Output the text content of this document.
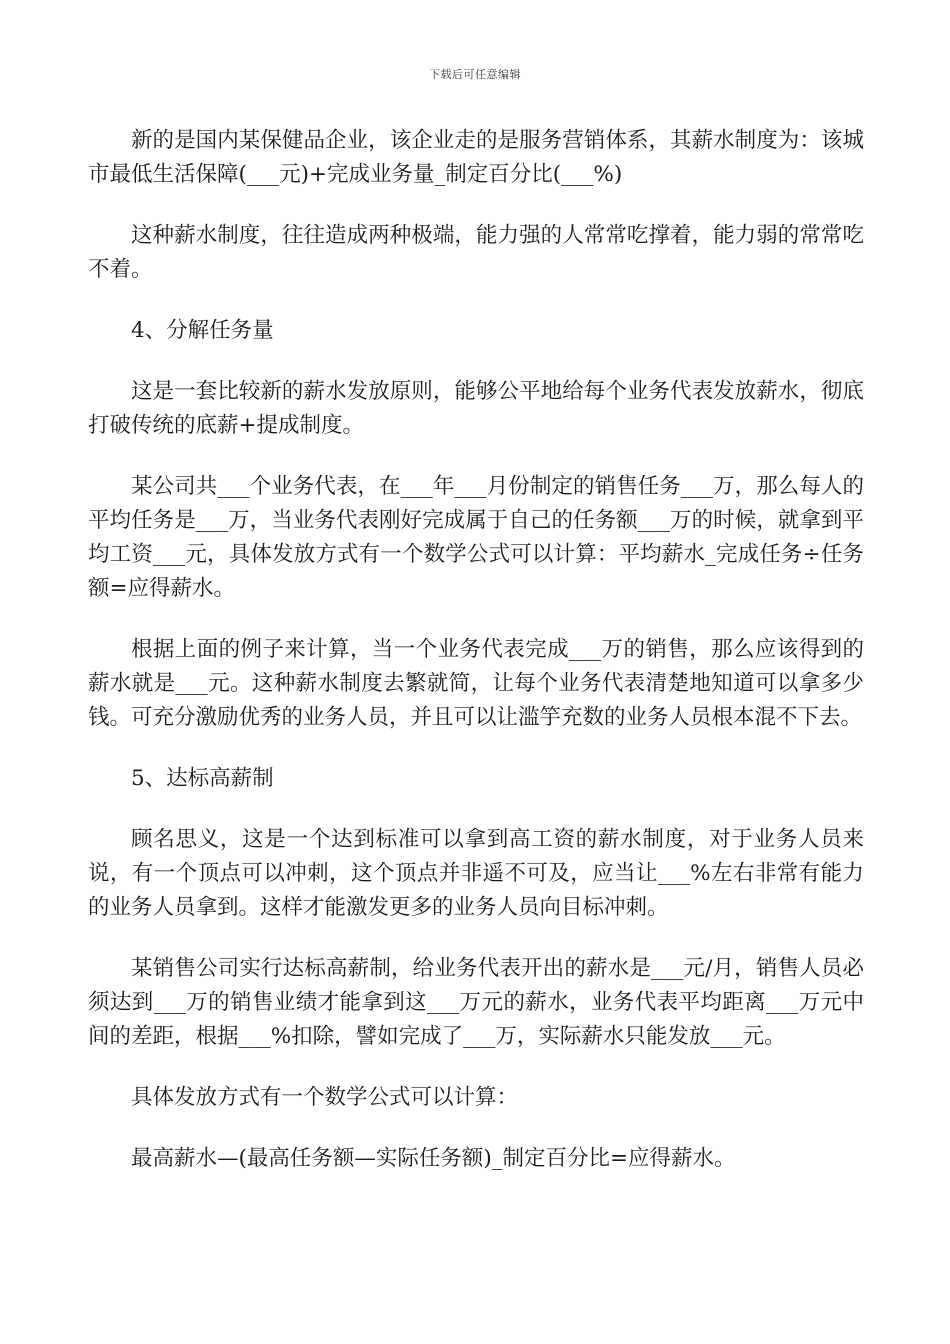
下载后可任意编辑

新的是国内某保健品企业，该企业走的是服务营销体系，其薪水制度为：该城市最低生活保障(___元)+完成业务量_制定百分比(___%)

这种薪水制度，往往造成两种极端，能力强的人常常吃撑着，能力弱的常常吃不着。

4、分解任务量

这是一套比较新的薪水发放原则，能够公平地给每个业务代表发放薪水，彻底打破传统的底薪+提成制度。

某公司共___个业务代表，在___年___月份制定的销售任务___万，那么每人的平均任务是___万，当业务代表刚好完成属于自己的任务额___万的时候，就拿到平均工资___元，具体发放方式有一个数学公式可以计算：平均薪水_完成任务÷任务额=应得薪水。

根据上面的例子来计算，当一个业务代表完成___万的销售，那么应该得到的薪水就是___元。这种薪水制度去繁就简，让每个业务代表清楚地知道可以拿多少钱。可充分激励优秀的业务人员，并且可以让滥竽充数的业务人员根本混不下去。

5、达标高薪制

顾名思义，这是一个达到标准可以拿到高工资的薪水制度，对于业务人员来说，有一个顶点可以冲刺，这个顶点并非遥不可及，应当让___%左右非常有能力的业务人员拿到。这样才能激发更多的业务人员向目标冲刺。

某销售公司实行达标高薪制，给业务代表开出的薪水是___元/月，销售人员必须达到___万的销售业绩才能拿到这___万元的薪水，业务代表平均距离___万元中间的差距，根据___%扣除，譬如完成了___万，实际薪水只能发放___元。

具体发放方式有一个数学公式可以计算：

最高薪水—(最高任务额—实际任务额)_制定百分比=应得薪水。
